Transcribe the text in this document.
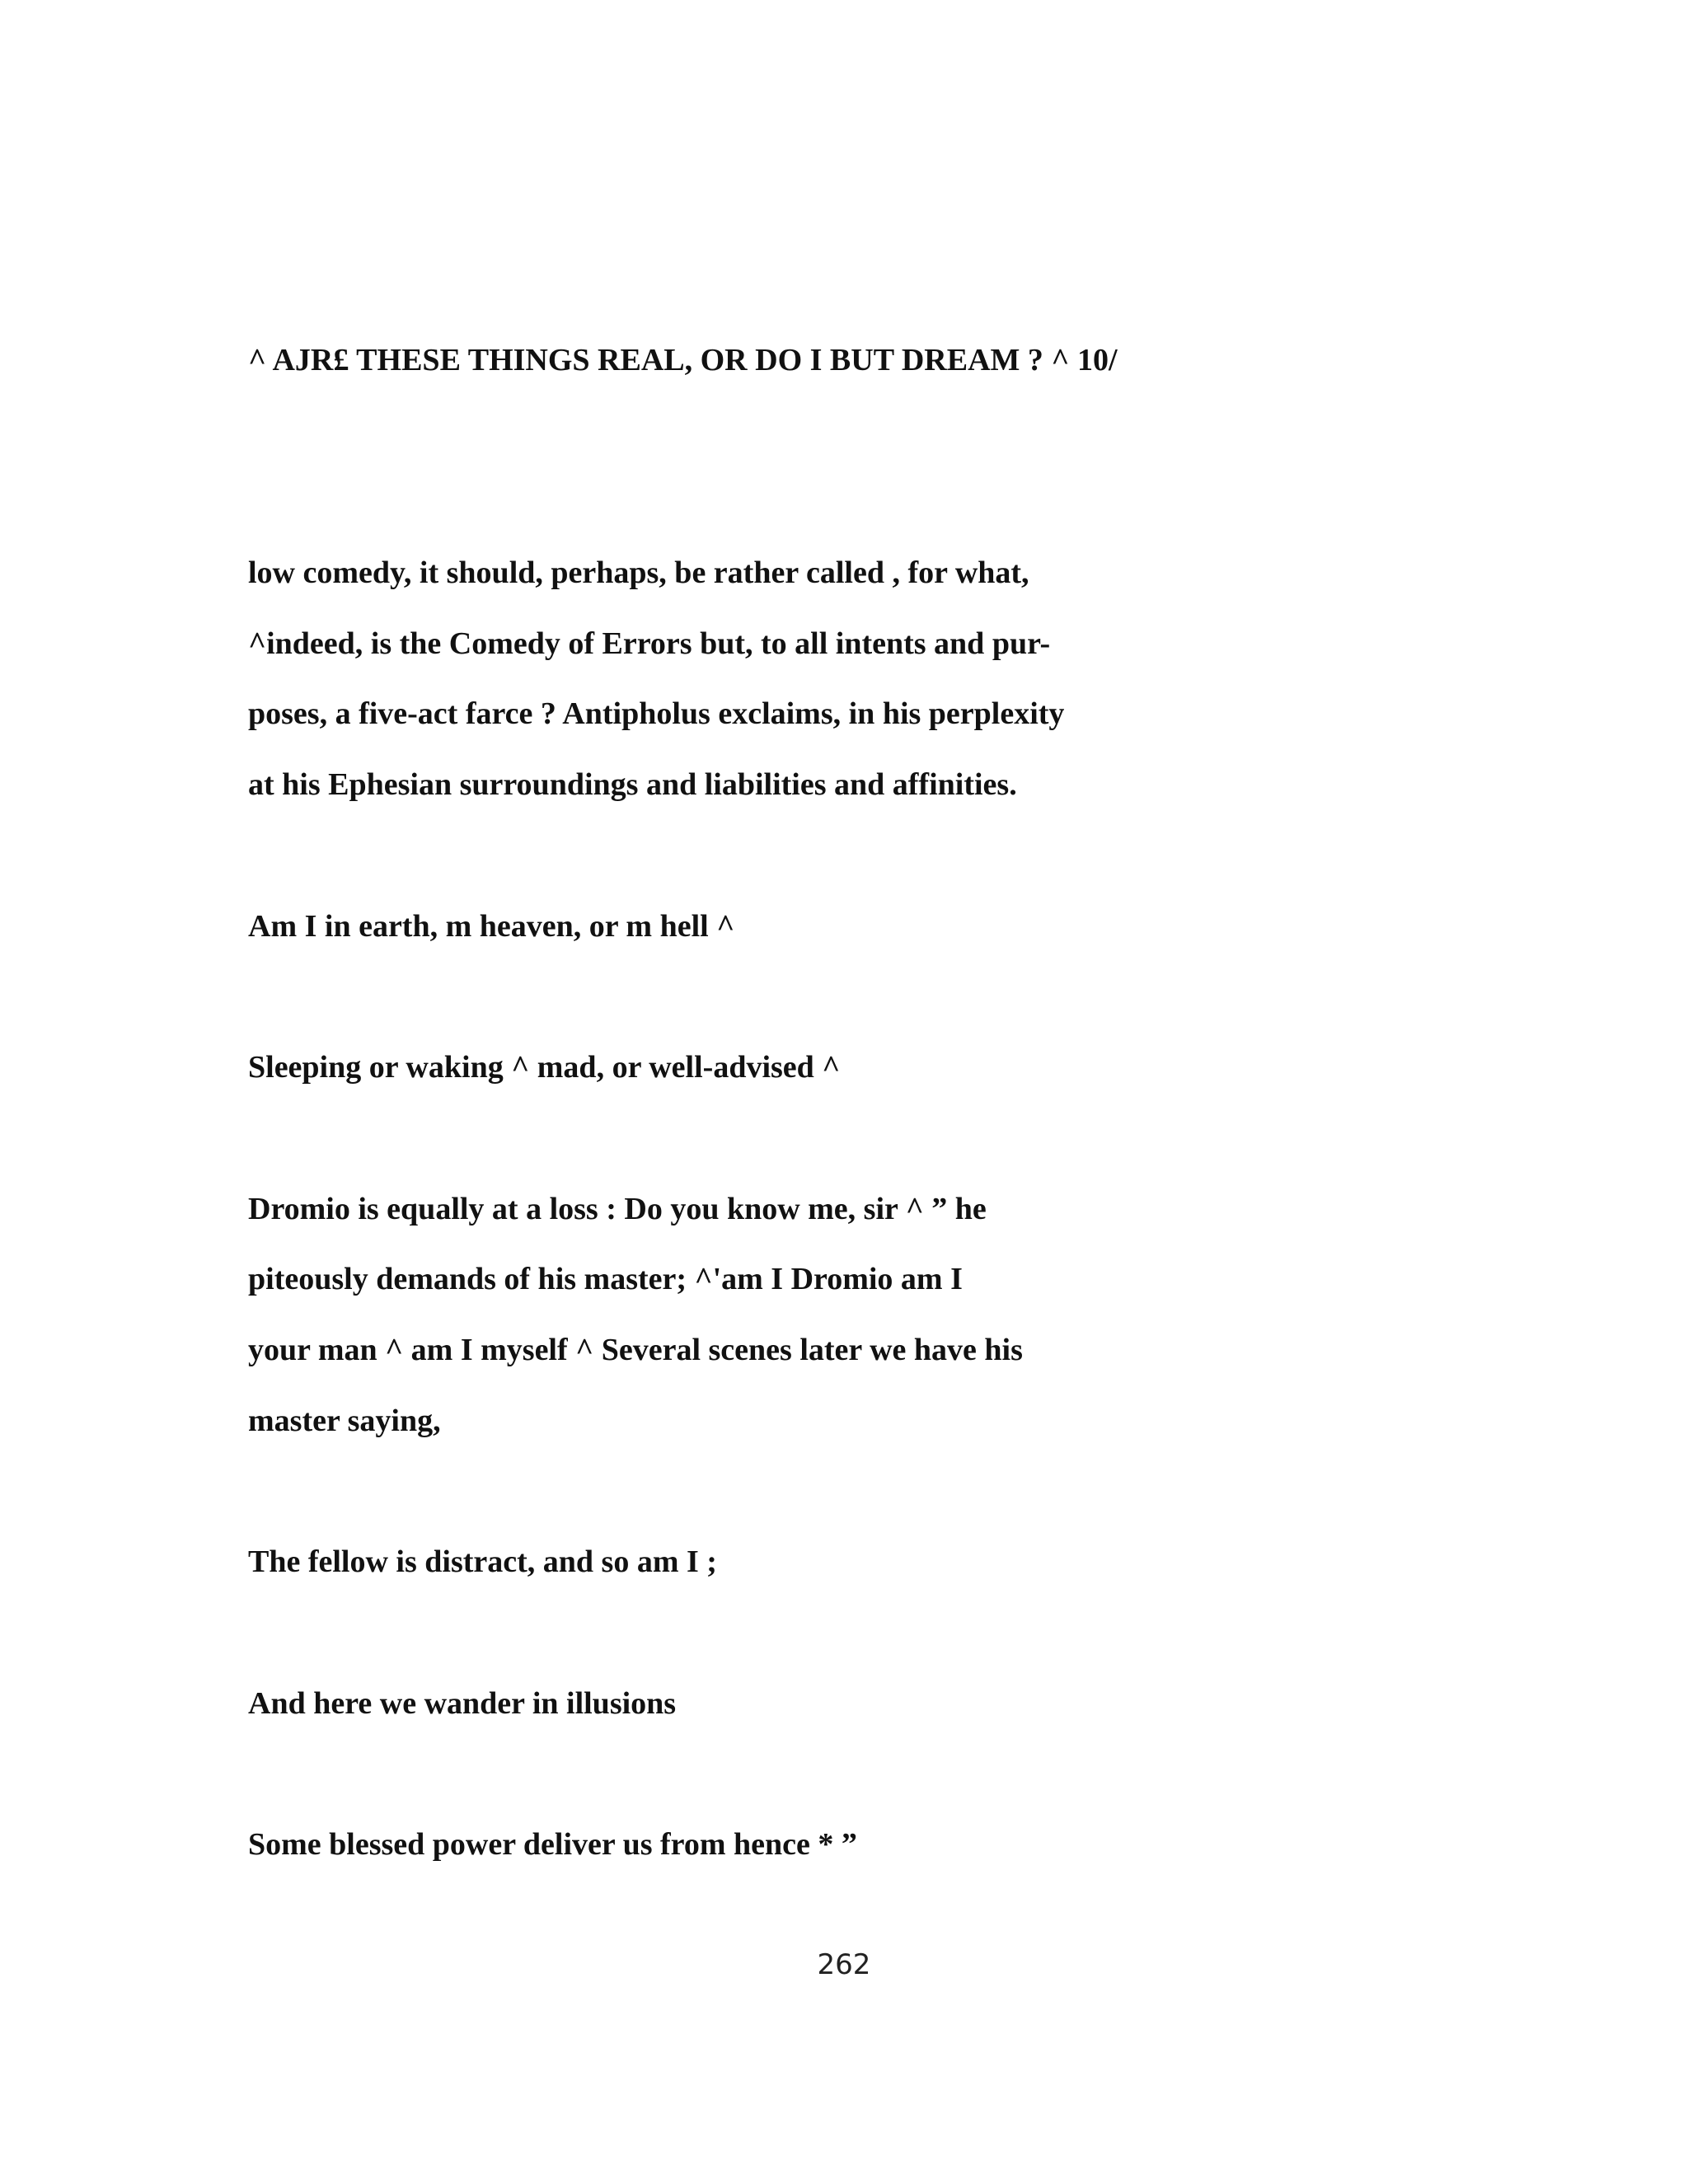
^ AJR£ THESE THINGS REAL, OR DO I BUT DREAM ? ^ 10/

low comedy, it should, perhaps, be rather called , for what,

^indeed, is the Comedy of Errors but, to all intents and pur-

poses, a five-act farce ? Antipholus exclaims, in his perplexity

at his Ephesian surroundings and liabilities and affinities.

Am I in earth, m heaven, or m hell ^

Sleeping or waking ^ mad, or well-advised ^

Dromio is equally at a loss : Do you know me, sir ^ ” he

piteously demands of his master; ^'am I Dromio am I

your man ^ am I myself ^ Several scenes later we have his

master saying,

The fellow is distract, and so am I ;

And here we wander in illusions

Some blessed power deliver us from hence * ”

262
